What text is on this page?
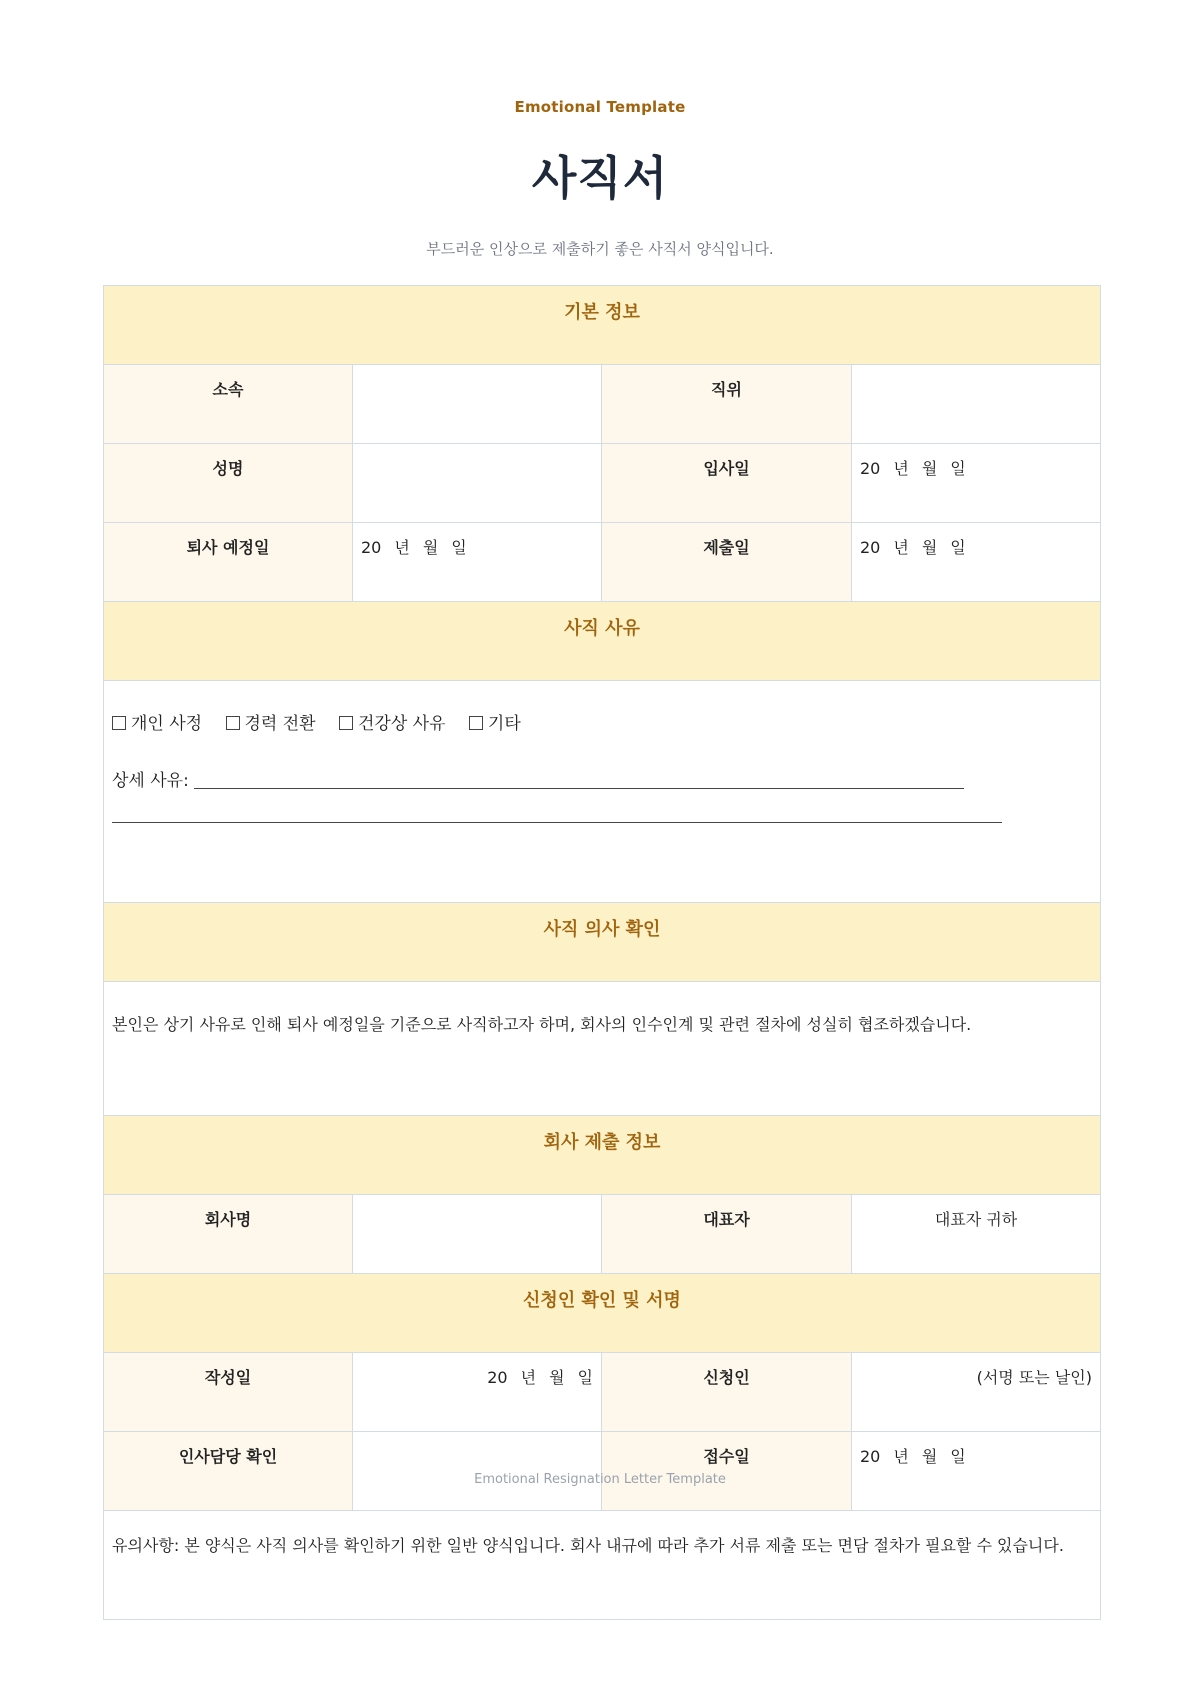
Emotional Template
사직서
부드러운 인상으로 제출하기 좋은 사직서 양식입니다.
기본 정보			
소속		직위	
성명		입사일	20 년 월 일
퇴사 예정일	20 년 월 일	제출일	20 년 월 일
사직 사유			

개인 사정 경력 전환 건강상 사유 기타
상세 사유:			

사직 의사 확인			
본인은 상기 사유로 인해 퇴사 예정일을 기준으로 사직하고자 하며, 회사의 인수인계 및 관련 절차에 성실히 협조하겠습니다.			
회사 제출 정보			
회사명		대표자	대표자 귀하
신청인 확인 및 서명			
작성일	20 년 월 일	신청인	(서명 또는 날인)
인사담당 확인		접수일	20 년 월 일
유의사항: 본 양식은 사직 의사를 확인하기 위한 일반 양식입니다. 회사 내규에 따라 추가 서류 제출 또는 면담 절차가 필요할 수 있습니다.			
Emotional Resignation Letter Template
